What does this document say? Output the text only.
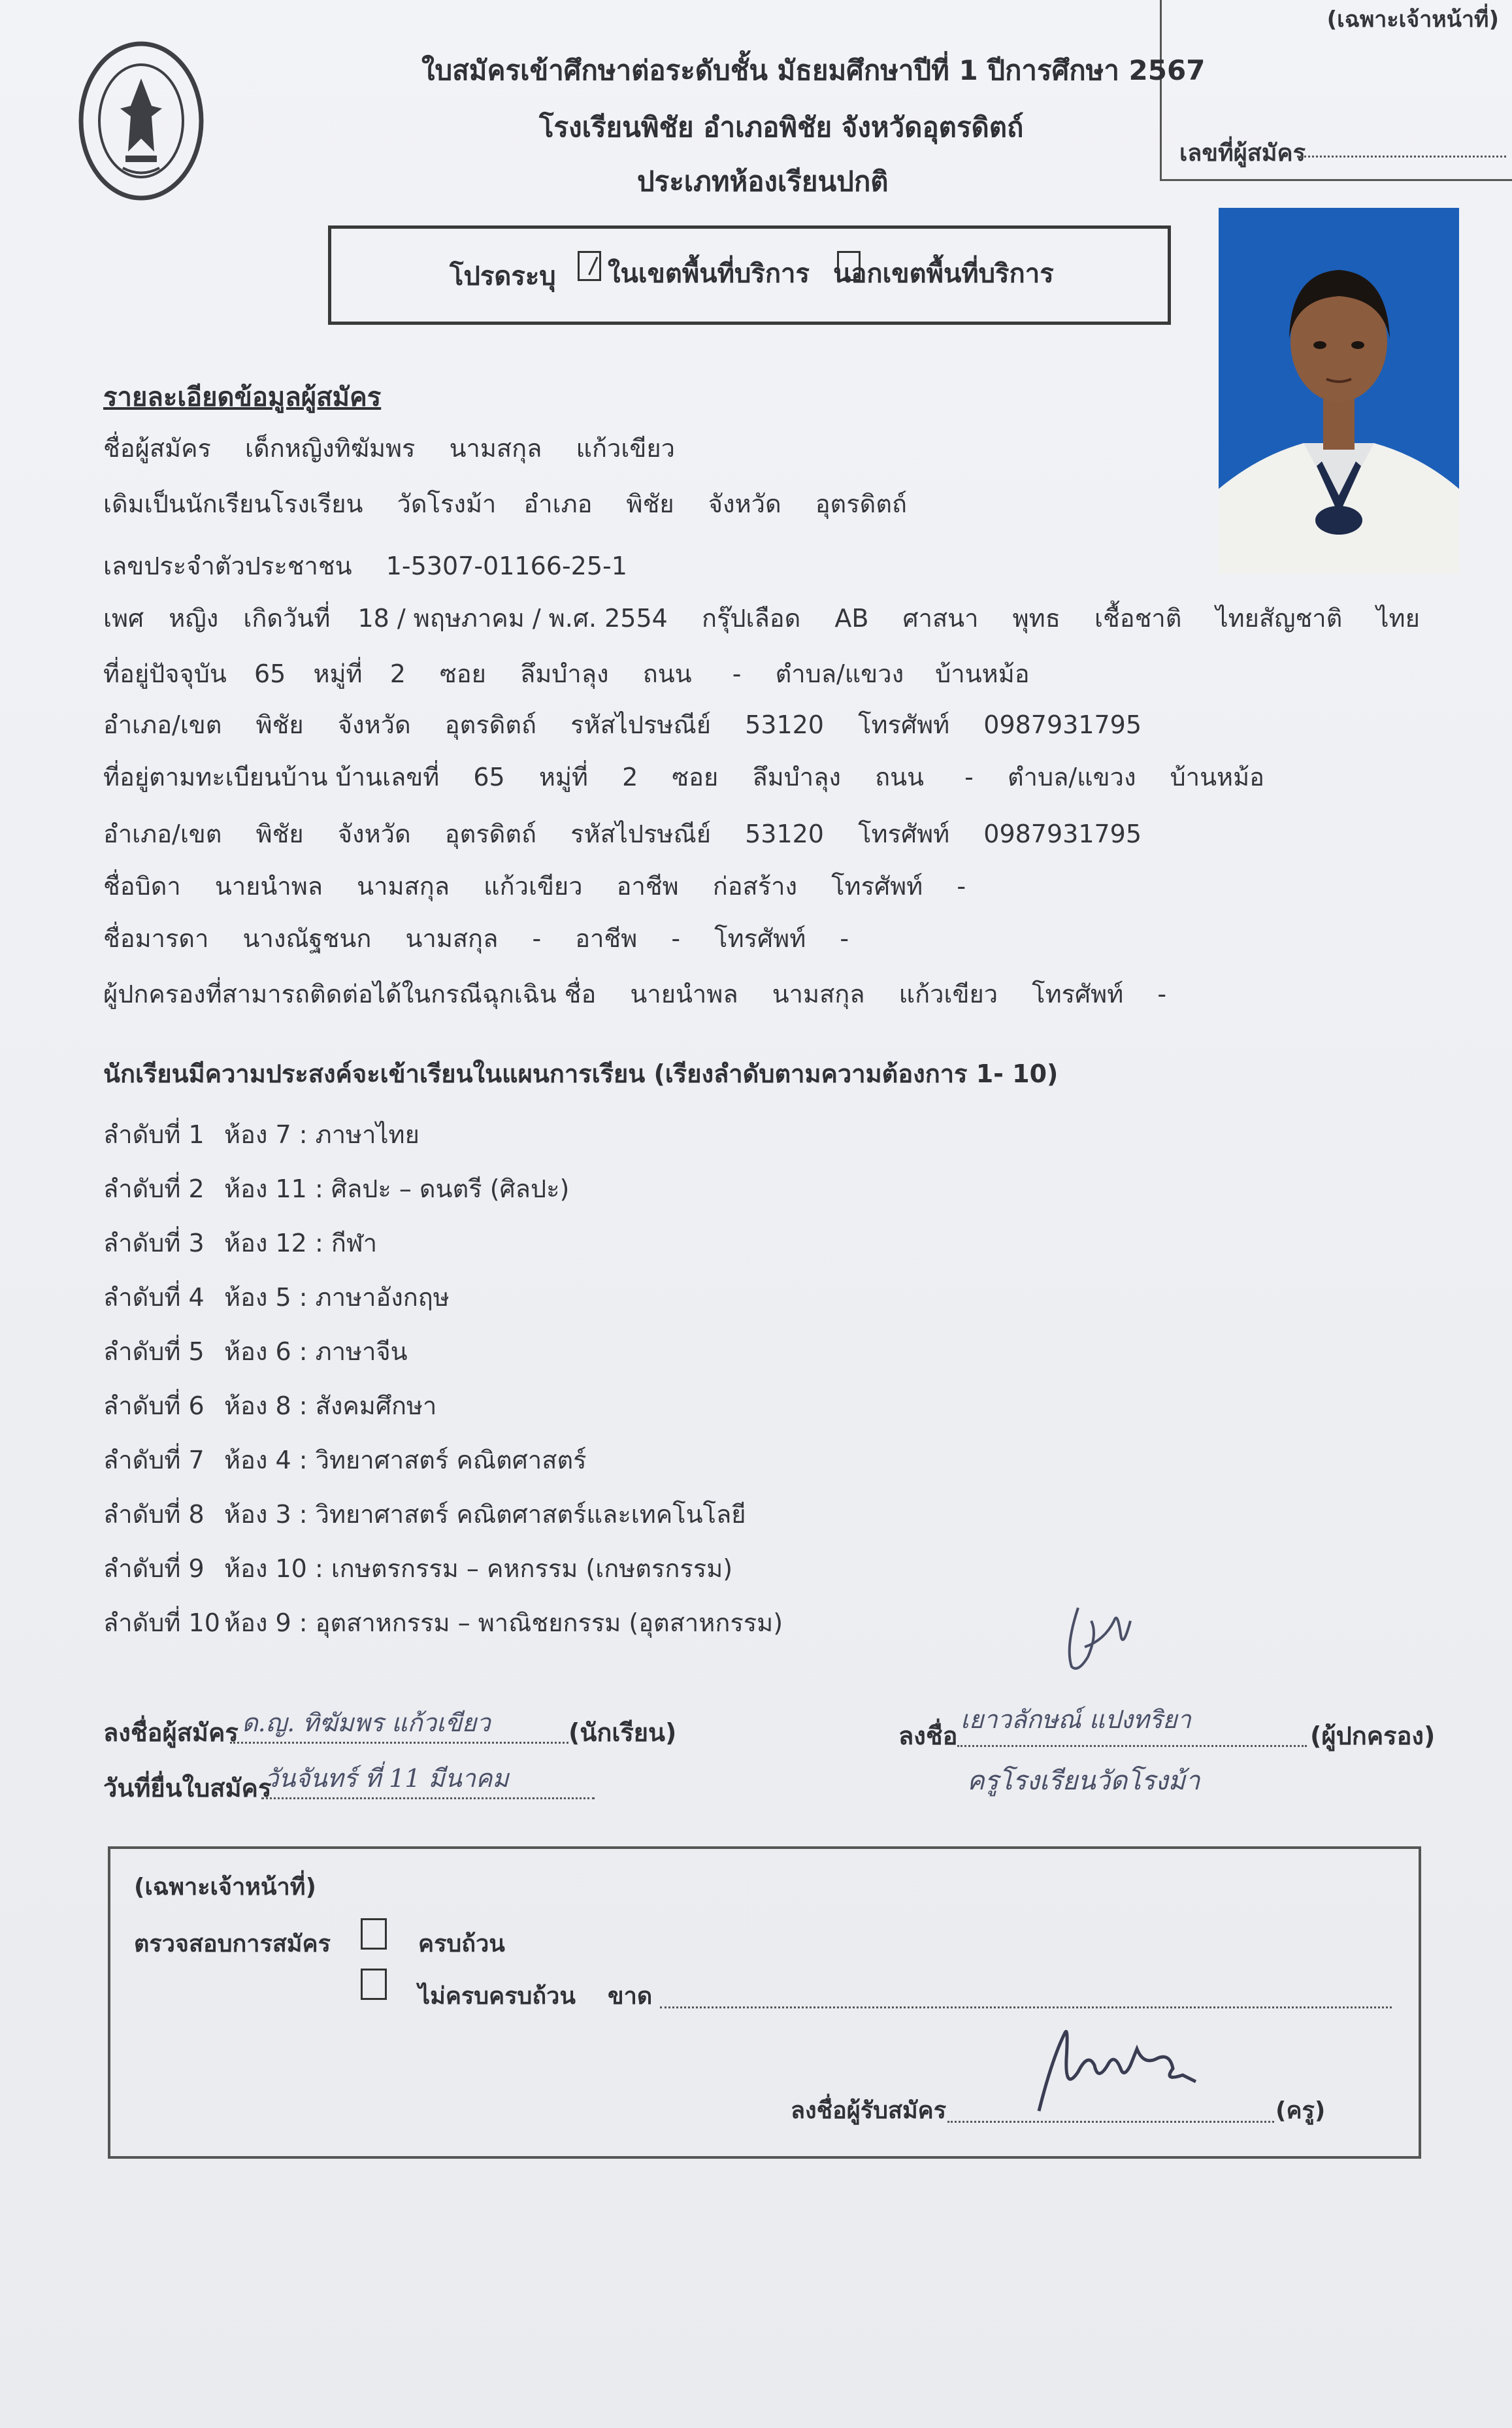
(เฉพาะเจ้าหน้าที่)
เลขที่ผู้สมัคร
ใบสมัครเข้าศึกษาต่อระดับชั้น มัธยมศึกษาปีที่ 1 ปีการศึกษา 2567
โรงเรียนพิชัย อำเภอพิชัย จังหวัดอุตรดิตถ์
ประเภทห้องเรียนปกติ
โปรดระบุ
ในเขตพื้นที่บริการ นอกเขตพื้นที่บริการ
รายละเอียดข้อมูลผู้สมัคร
ชื่อผู้สมัคร เด็กหญิงทิฆัมพร นามสกุล แก้วเขียว
เดิมเป็นนักเรียนโรงเรียน วัดโรงม้า อำเภอ พิชัย จังหวัด อุตรดิตถ์
เลขประจำตัวประชาชน 1-5307-01166-25-1
เพศ หญิง เกิดวันที่ 18 / พฤษภาคม / พ.ศ. 2554 กรุ๊ปเลือด AB ศาสนา พุทธ เชื้อชาติ ไทยสัญชาติ ไทย
ที่อยู่ปัจจุบัน 65 หมู่ที่ 2 ซอย ลึมบำลุง ถนน - ตำบล/แขวง บ้านหม้อ
อำเภอ/เขต พิชัย จังหวัด อุตรดิตถ์ รหัสไปรษณีย์ 53120 โทรศัพท์ 0987931795
ที่อยู่ตามทะเบียนบ้าน บ้านเลขที่ 65 หมู่ที่ 2 ซอย ลึมบำลุง ถนน - ตำบล/แขวง บ้านหม้อ
อำเภอ/เขต พิชัย จังหวัด อุตรดิตถ์ รหัสไปรษณีย์ 53120 โทรศัพท์ 0987931795
ชื่อบิดา นายนำพล นามสกุล แก้วเขียว อาชีพ ก่อสร้าง โทรศัพท์ -
ชื่อมารดา นางณัฐชนก นามสกุล - อาชีพ - โทรศัพท์ -
ผู้ปกครองที่สามารถติดต่อได้ในกรณีฉุกเฉิน ชื่อ นายนำพล นามสกุล แก้วเขียว โทรศัพท์ -
นักเรียนมีความประสงค์จะเข้าเรียนในแผนการเรียน (เรียงลำดับตามความต้องการ 1- 10)
ลำดับที่ 1 ห้อง 7 : ภาษาไทย
ลำดับที่ 2 ห้อง 11 : ศิลปะ – ดนตรี (ศิลปะ)
ลำดับที่ 3 ห้อง 12 : กีฬา
ลำดับที่ 4 ห้อง 5 : ภาษาอังกฤษ
ลำดับที่ 5 ห้อง 6 : ภาษาจีน
ลำดับที่ 6 ห้อง 8 : สังคมศึกษา
ลำดับที่ 7 ห้อง 4 : วิทยาศาสตร์ คณิตศาสตร์
ลำดับที่ 8 ห้อง 3 : วิทยาศาสตร์ คณิตศาสตร์และเทคโนโลยี
ลำดับที่ 9 ห้อง 10 : เกษตรกรรม – คหกรรม (เกษตรกรรม)
ลำดับที่ 10 ห้อง 9 : อุตสาหกรรม – พาณิชยกรรม (อุตสาหกรรม)
ลงชื่อผู้สมัคร ด.ญ. ทิฆัมพร แก้วเขียว	(นักเรียน)
วันที่ยื่นใบสมัคร
วันจันทร์ ที่ 11 มีนาคม
ลงชื่อ
เยาวลักษณ์ แปงทริยา
(ผู้ปกครอง)
ครูโรงเรียนวัดโรงม้า
(เฉพาะเจ้าหน้าที่)
ตรวจสอบการสมัคร	ครบถ้วน
ไม่ครบครบถ้วน ขาด
ลงชื่อผู้รับสมัคร	(ครู)
